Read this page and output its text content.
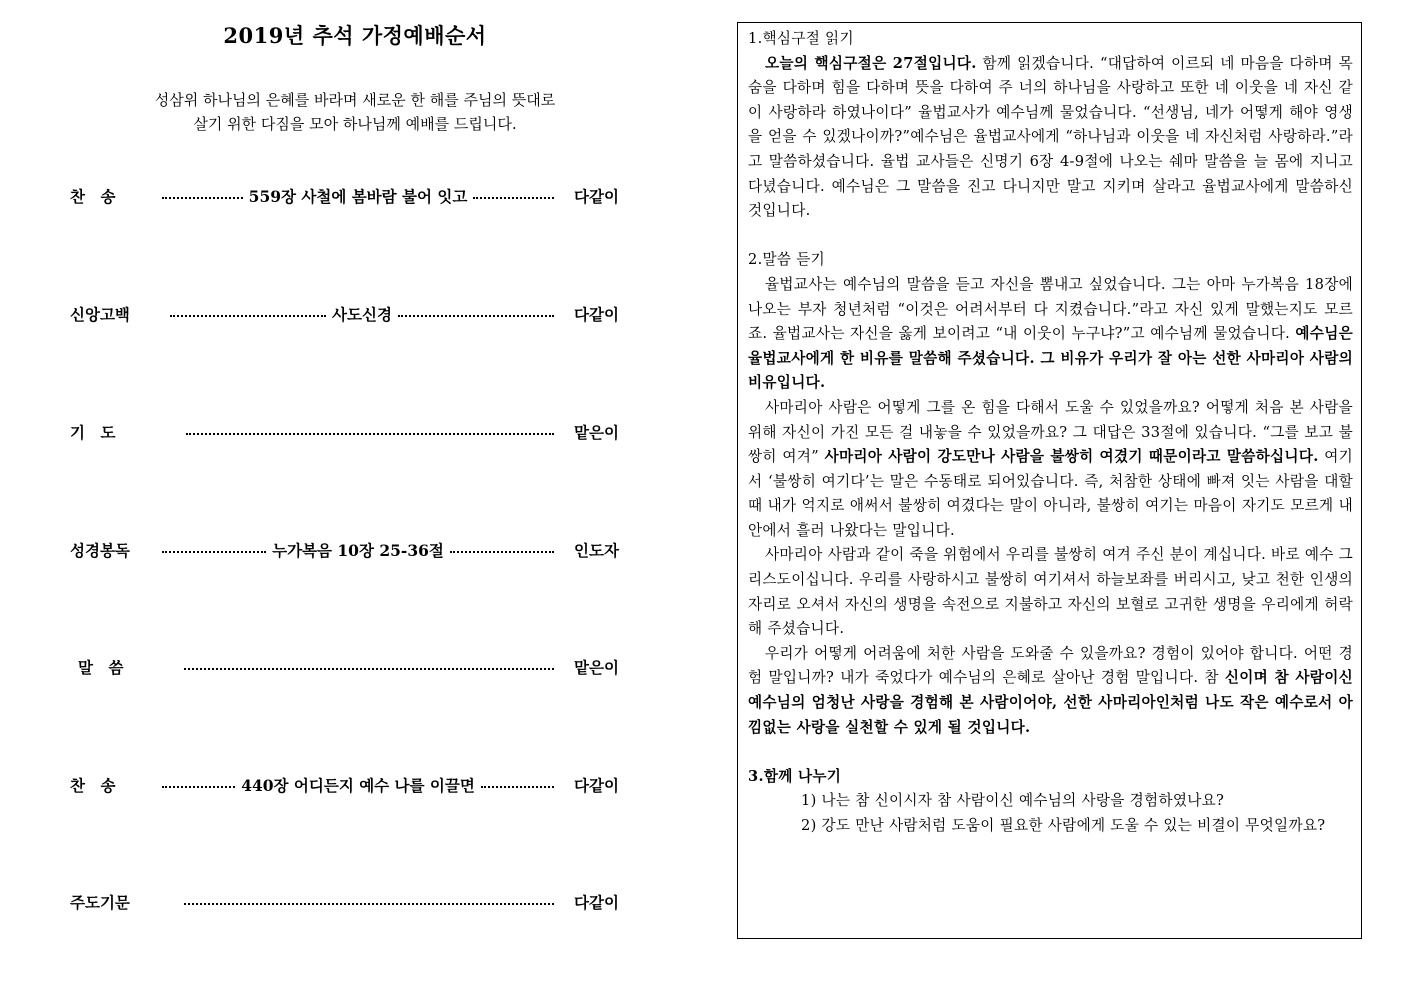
2019년 추석 가정예배순서
성삼위 하나님의 은혜를 바라며 새로운 한 해를 주님의 뜻대로
살기 위한 다짐을 모아 하나님께 예배를 드립니다.
찬　송	559장 사철에 봄바람 불어 잇고	다같이
신앙고백	사도신경	다같이
기　도	맡은이
성경봉독	누가복음 10장 25-36절	인도자
말　씀	맡은이
찬　송	440장 어디든지 예수 나를 이끌면	다같이
주도기문	다같이
1.핵심구절 읽기

오늘의 핵심구절은 27절입니다. 함께 읽겠습니다. “대답하여 이르되 네 마음을 다하며 목숨을 다하며 힘을 다하며 뜻을 다하여 주 너의 하나님을 사랑하고 또한 네 이웃을 네 자신 같이 사랑하라 하였나이다” 율법교사가 예수님께 물었습니다. “선생님, 네가 어떻게 해야 영생을 얻을 수 있겠나이까?”예수님은 율법교사에게 “하나님과 이웃을 네 자신처럼 사랑하라.”라고 말씀하셨습니다. 율법 교사들은 신명기 6장 4-9절에 나오는 쉐마 말씀을 늘 몸에 지니고 다녔습니다. 예수님은 그 말씀을 진고 다니지만 말고 지키며 살라고 율법교사에게 말씀하신 것입니다.

2.말씀 듣기

율법교사는 예수님의 말씀을 듣고 자신을 뽐내고 싶었습니다. 그는 아마 누가복음 18장에 나오는 부자 청년처럼 “이것은 어려서부터 다 지켰습니다.”라고 자신 있게 말했는지도 모르죠. 율법교사는 자신을 옳게 보이려고 “내 이웃이 누구냐?”고 예수님께 물었습니다. 예수님은 율법교사에게 한 비유를 말씀해 주셨습니다. 그 비유가 우리가 잘 아는 선한 사마리아 사람의 비유입니다.

사마리아 사람은 어떻게 그를 온 힘을 다해서 도울 수 있었을까요? 어떻게 처음 본 사람을 위해 자신이 가진 모든 걸 내놓을 수 있었을까요? 그 대답은 33절에 있습니다. “그를 보고 불쌍히 여겨” 사마리아 사람이 강도만나 사람을 불쌍히 여겼기 때문이라고 말씀하십니다. 여기서 ‘불쌍히 여기다’는 말은 수동태로 되어있습니다. 즉, 처참한 상태에 빠져 잇는 사람을 대할 때 내가 억지로 애써서 불쌍히 여겼다는 말이 아니라, 불쌍히 여기는 마음이 자기도 모르게 내 안에서 흘러 나왔다는 말입니다.

사마리아 사람과 같이 죽을 위험에서 우리를 불쌍히 여겨 주신 분이 계십니다. 바로 예수 그리스도이십니다. 우리를 사랑하시고 불쌍히 여기셔서 하늘보좌를 버리시고, 낮고 천한 인생의 자리로 오셔서 자신의 생명을 속전으로 지불하고 자신의 보혈로 고귀한 생명을 우리에게 허락해 주셨습니다.

우리가 어떻게 어려움에 처한 사람을 도와줄 수 있을까요? 경험이 있어야 합니다. 어떤 경험 말입니까? 내가 죽었다가 예수님의 은혜로 살아난 경험 말입니다. 참 신이며 참 사람이신 예수님의 엄청난 사랑을 경험해 본 사람이어야, 선한 사마리아인처럼 나도 작은 예수로서 아낌없는 사랑을 실천할 수 있게 될 것입니다.

3.함께 나누기

1) 나는 참 신이시자 참 사람이신 예수님의 사랑을 경험하였나요?

2) 강도 만난 사람처럼 도움이 필요한 사람에게 도울 수 있는 비결이 무엇일까요?
